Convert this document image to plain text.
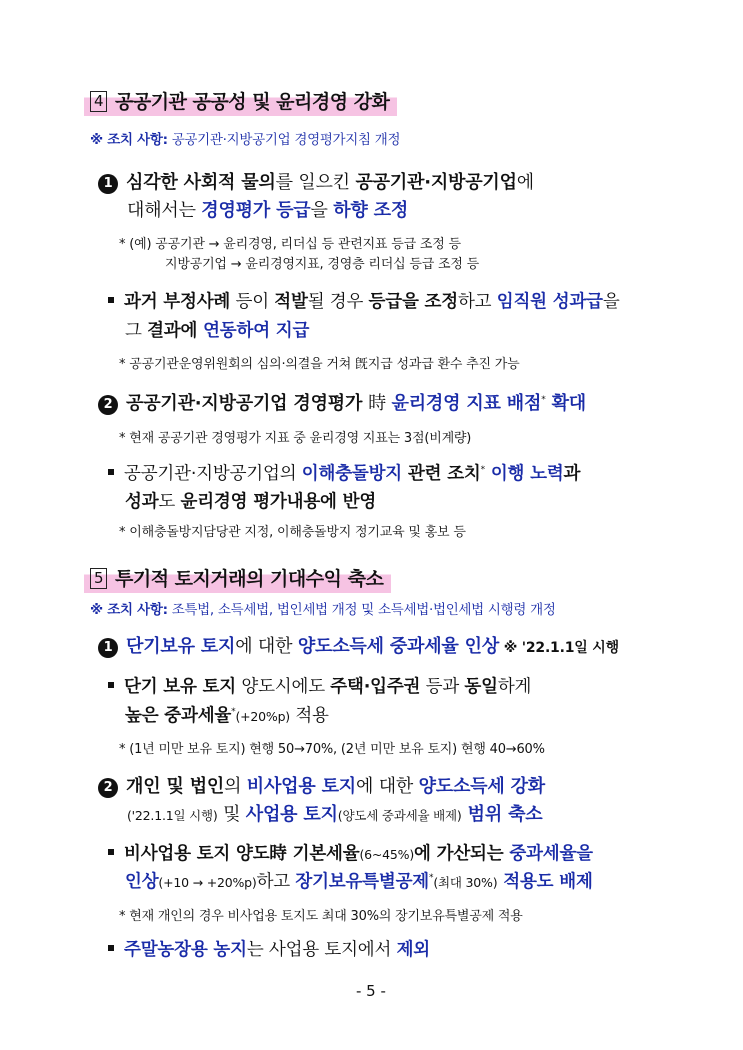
4 공공기관 공공성 및 윤리경영 강화
※ 조치 사항: 공공기관·지방공기업 경영평가지침 개정
1 심각한 사회적 물의를 일으킨 공공기관·지방공기업에
대해서는 경영평가 등급을 하향 조정
* (예) 공공기관 → 윤리경영, 리더십 등 관련지표 등급 조정 등
지방공기업 → 윤리경영지표, 경영층 리더십 등급 조정 등
과거 부정사례 등이 적발될 경우 등급을 조정하고 임직원 성과급을
그 결과에 연동하여 지급
* 공공기관운영위원회의 심의·의결을 거쳐 旣지급 성과급 환수 추진 가능
2 공공기관·지방공기업 경영평가 時 윤리경영 지표 배점* 확대
* 현재 공공기관 경영평가 지표 중 윤리경영 지표는 3점(비계량)
공공기관·지방공기업의 이해충돌방지 관련 조치* 이행 노력과
성과도 윤리경영 평가내용에 반영
* 이해충돌방지담당관 지정, 이해충돌방지 정기교육 및 홍보 등
5 투기적 토지거래의 기대수익 축소
※ 조치 사항: 조특법, 소득세법, 법인세법 개정 및 소득세법·법인세법 시행령 개정
1 단기보유 토지에 대한 양도소득세 중과세율 인상 ※ '22.1.1일 시행
단기 보유 토지 양도시에도 주택·입주권 등과 동일하게
높은 중과세율*(+20%p) 적용
* (1년 미만 보유 토지) 현행 50→70%, (2년 미만 보유 토지) 현행 40→60%
2 개인 및 법인의 비사업용 토지에 대한 양도소득세 강화
('22.1.1일 시행) 및 사업용 토지(양도세 중과세율 배제) 범위 축소
비사업용 토지 양도時 기본세율(6~45%)에 가산되는 중과세율을
인상(+10 → +20%p)하고 장기보유특별공제*(최대 30%) 적용도 배제
* 현재 개인의 경우 비사업용 토지도 최대 30%의 장기보유특별공제 적용
주말농장용 농지는 사업용 토지에서 제외
- 5 -
